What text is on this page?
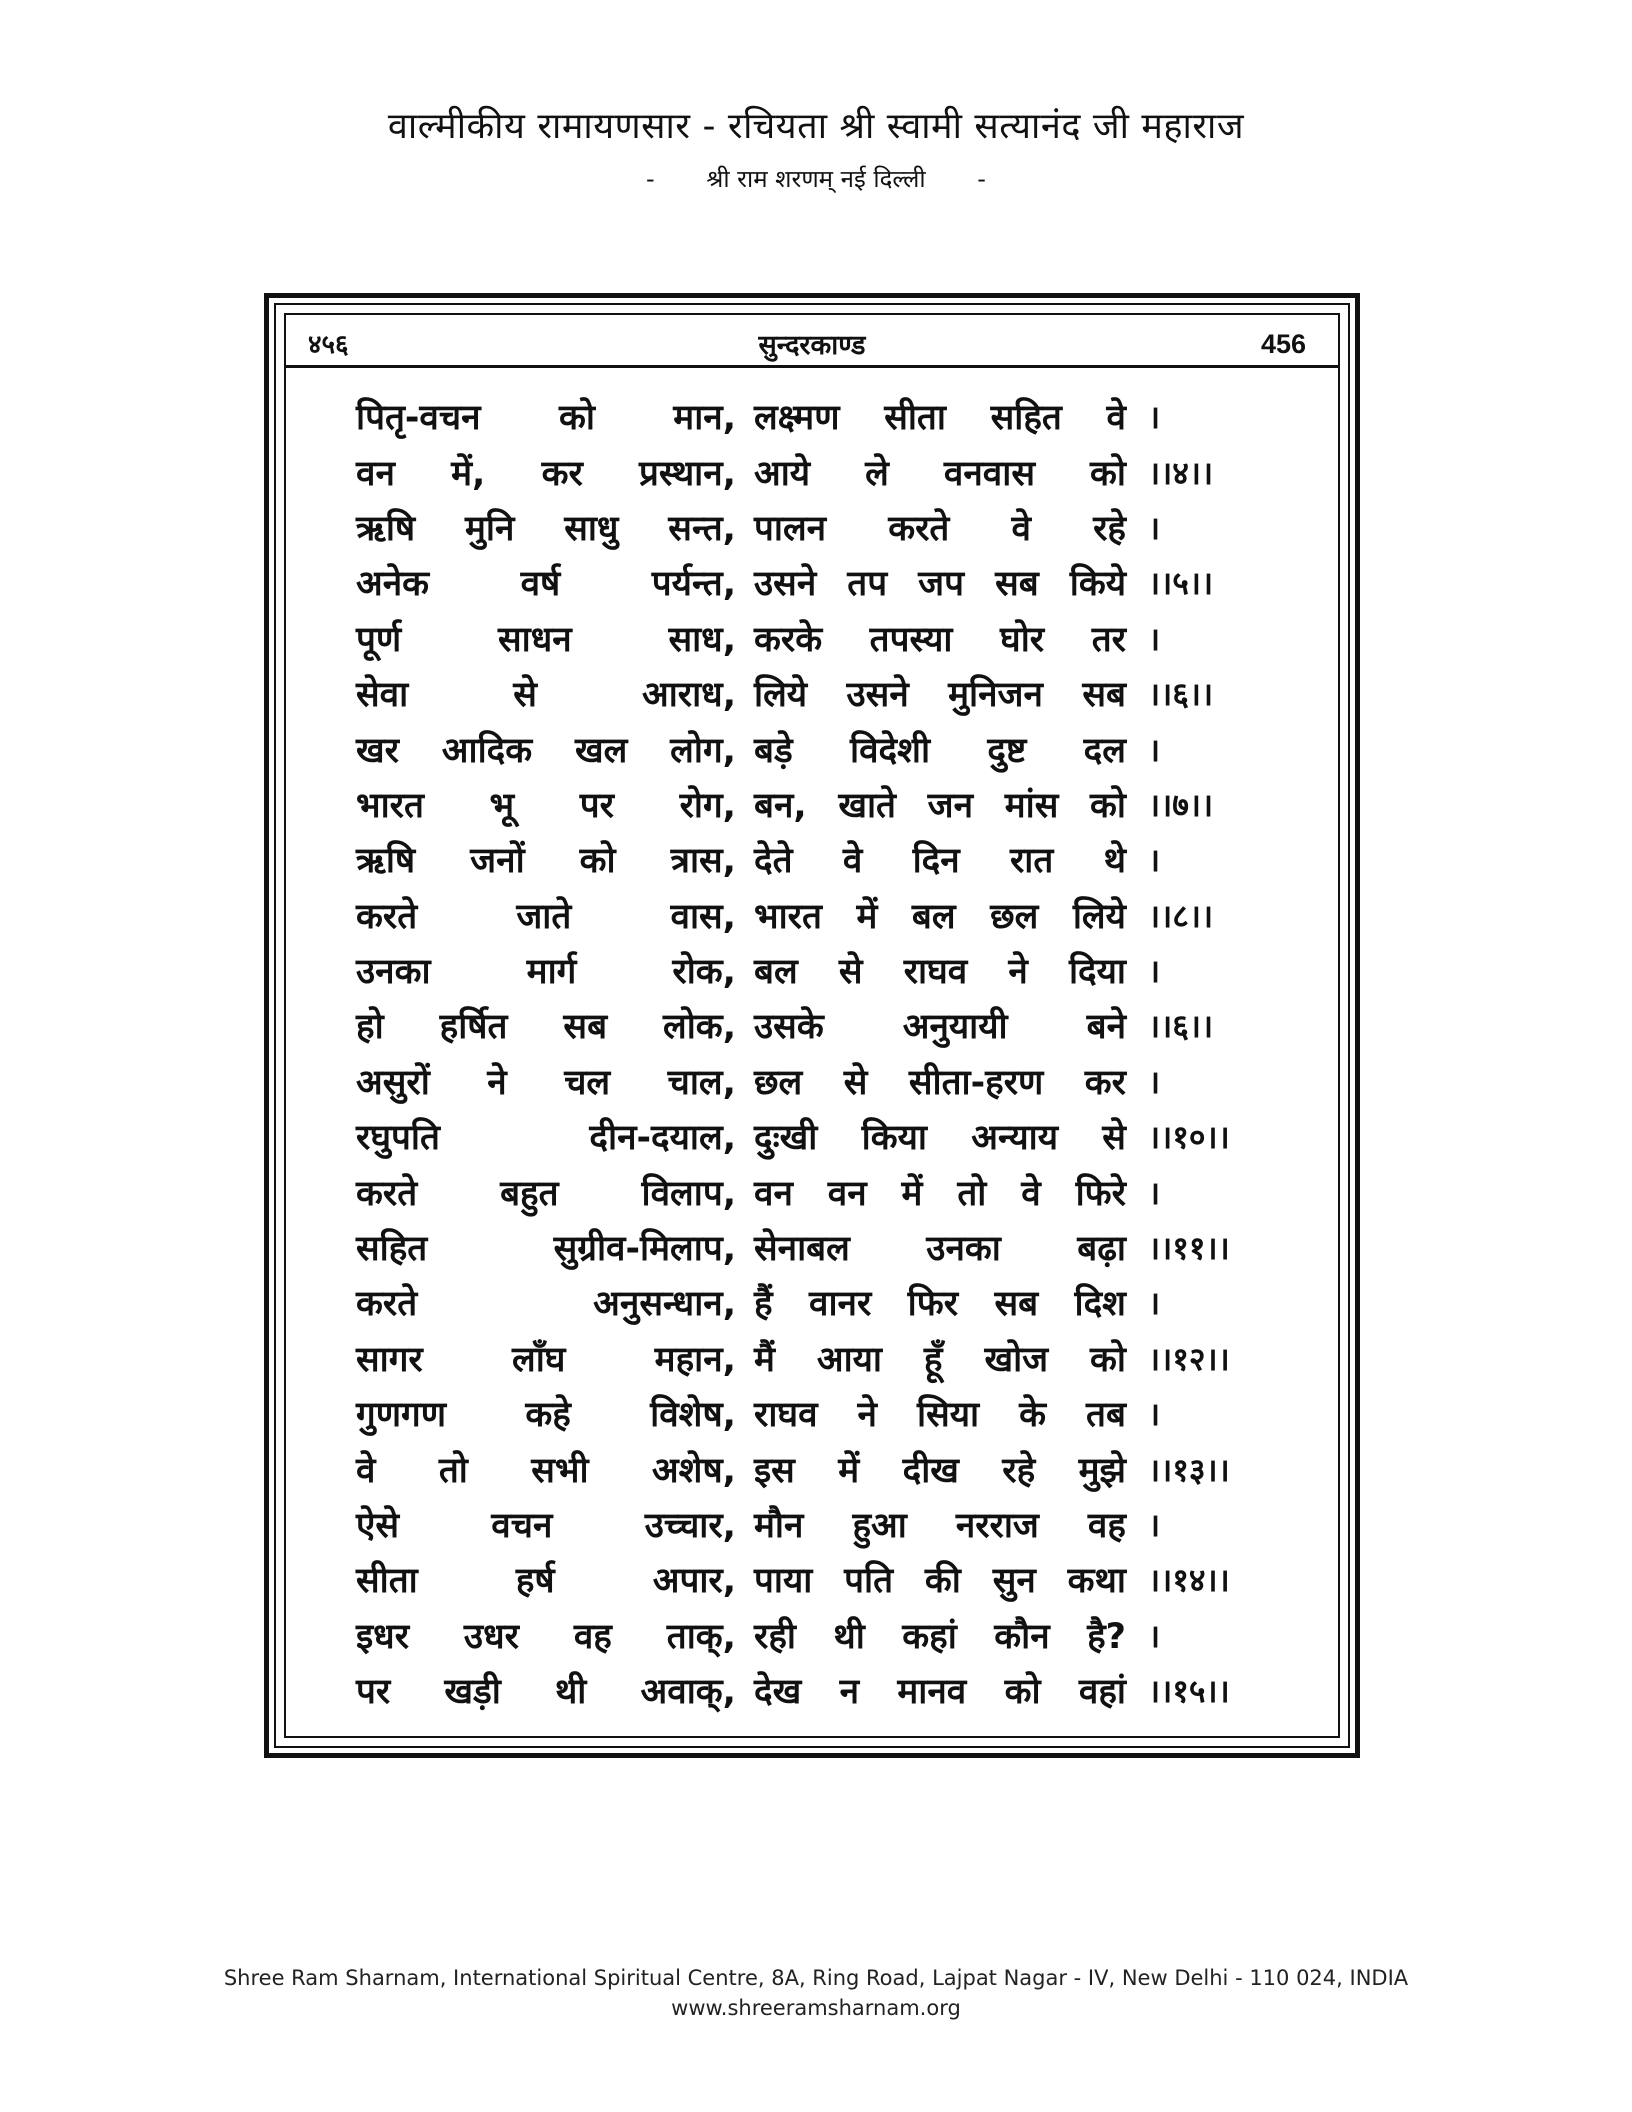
वाल्मीकीय रामायणसार - रचियता श्री स्वामी सत्यानंद जी महाराज
- श्री राम शरणम् नई दिल्ली -
४५६	सुन्दरकाण्ड	456
पितृ-वचन को मान, लक्ष्मण सीता सहित वे ।
वन में, कर प्रस्थान, आये ले वनवास को ।।४।।
ऋषि मुनि साधु सन्त, पालन करते वे रहे ।
अनेक	वर्ष	पर्यन्त, उसने तप जप सब किये ।।५।।
पूर्ण	साधन	साध, करके तपस्या घोर तर ।
सेवा	से	आराध, लिये उसने मुनिजन सब ।।६।।
खर आदिक खल लोग, बड़े विदेशी दुष्ट दल ।
भारत भू पर रोग, बन, खाते जन मांस को ।।७।।
ऋषि जनों को त्रास, देते वे दिन रात थे ।
करते	जाते	वास, भारत में बल छल लिये ।।८।।
उनका	मार्ग	रोक, बल से राघव ने दिया ।
हो हर्षित सब लोक, उसके अनुयायी बने ।।६।।
असुरों ने चल चाल, छल से सीता-हरण कर ।
रघुपति	दीन-दयाल, दुःखी किया अन्याय से ।।१०।।
करते बहुत विलाप, वन वन में तो वे फिरे ।
सहित	सुग्रीव-मिलाप, सेनाबल उनका बढ़ा ।।११।।
करते	अनुसन्धान, हैं वानर फिर सब दिश ।
सागर	लाँघ	महान, मैं आया हूँ खोज को ।।१२।।
गुणगण कहे विशेष, राघव ने सिया के तब ।
वे तो सभी अशेष, इस में दीख रहे मुझे ।।१३।।
ऐसे	वचन	उच्चार, मौन हुआ नरराज वह ।
सीता	हर्ष	अपार, पाया पति की सुन कथा ।।१४।।
इधर उधर वह ताक्, रही थी कहां कौन है? ।
पर खड़ी थी अवाक्, देख न मानव को वहां ।।१५।।
Shree Ram Sharnam, International Spiritual Centre, 8A, Ring Road, Lajpat Nagar - IV, New Delhi - 110 024, INDIA
www.shreeramsharnam.org
